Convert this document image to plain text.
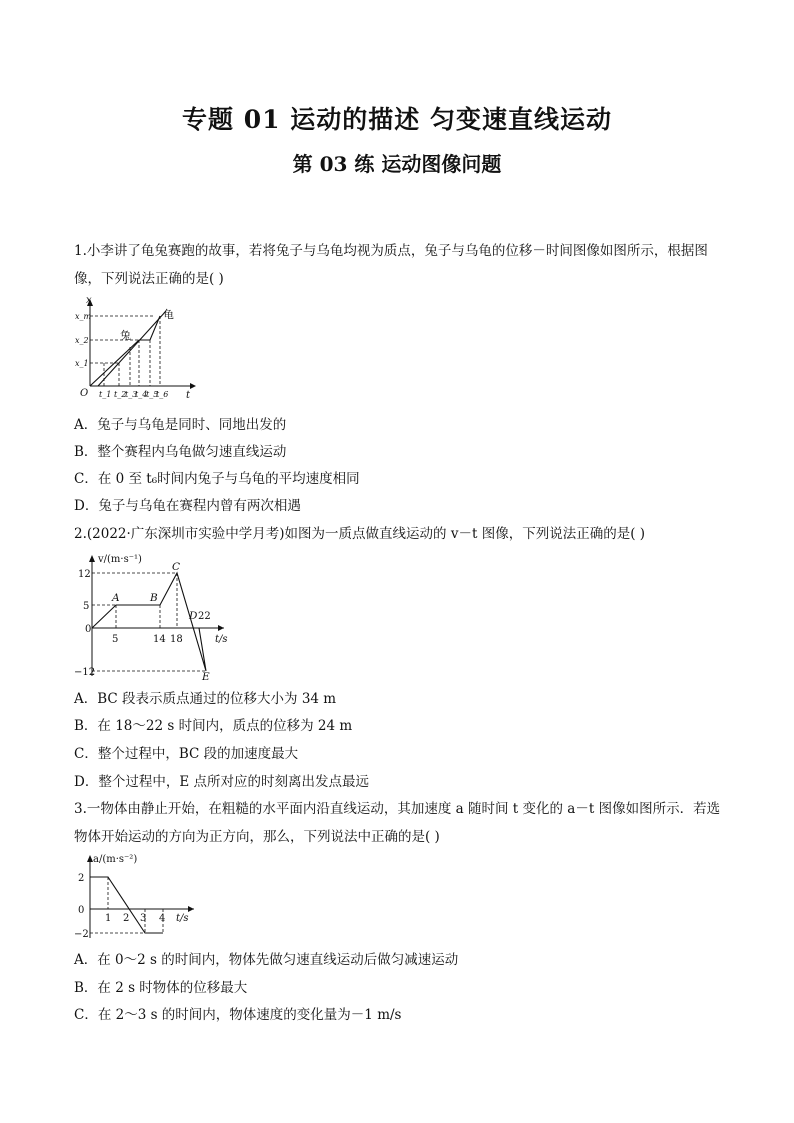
专题 01 运动的描述 匀变速直线运动
第 03 练 运动图像问题
1.小李讲了龟兔赛跑的故事，若将兔子与乌龟均视为质点，兔子与乌龟的位移－时间图像如图所示，根据图
像，下列说法正确的是( )
x
t
O
x_m
x_2
x_1
t_1 t_2
t_3
t_4
t_5
t_6
兔
龟
A．兔子与乌龟是同时、同地出发的
B．整个赛程内乌龟做匀速直线运动
C．在 0 至 t₆时间内兔子与乌龟的平均速度相同
D．兔子与乌龟在赛程内曾有两次相遇
2.(2022·广东深圳市实验中学月考)如图为一质点做直线运动的 v－t 图像，下列说法正确的是( )
v/(m·s⁻¹)
t/s
0
12
5
−12
5	14 18
22
A	B
C
D
E
A．BC 段表示质点通过的位移大小为 34 m
B．在 18～22 s 时间内，质点的位移为 24 m
C．整个过程中，BC 段的加速度最大
D．整个过程中，E 点所对应的时刻离出发点最远
3.一物体由静止开始，在粗糙的水平面内沿直线运动，其加速度 a 随时间 t 变化的 a－t 图像如图所示．若选
物体开始运动的方向为正方向，那么，下列说法中正确的是( )
a/(m·s⁻²)
t/s
0
2
−2
1 2 3 4
A．在 0～2 s 的时间内，物体先做匀速直线运动后做匀减速运动
B．在 2 s 时物体的位移最大
C．在 2～3 s 的时间内，物体速度的变化量为－1 m/s
